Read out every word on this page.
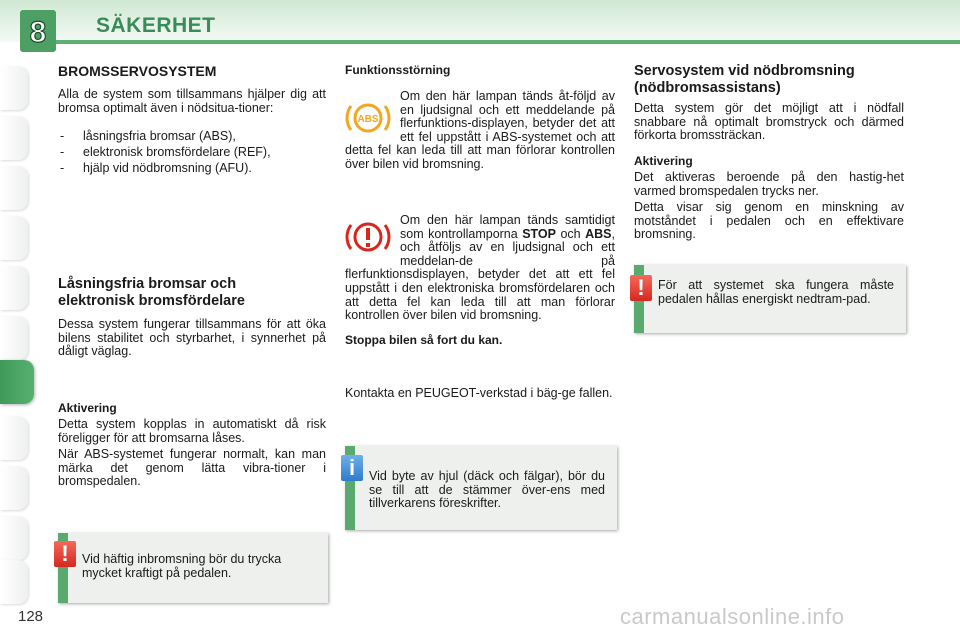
8 SÄKERHET
BROMSSERVOSYSTEM
Alla de system som tillsammans hjälper dig att bromsa optimalt även i nödsitua-tioner:
- låsningsfria bromsar (ABS),
- elektronisk bromsfördelare (REF),
- hjälp vid nödbromsning (AFU).
Låsningsfria bromsar och
elektronisk bromsfördelare
Dessa system fungerar tillsammans för att öka bilens stabilitet och styrbarhet, i synnerhet på dåligt väglag.
Aktivering
Detta system kopplas in automatiskt då risk föreligger för att bromsarna låses.
När ABS-systemet fungerar normalt, kan man märka det genom lätta vibra-tioner i bromspedalen.
Vid häftig inbromsning bör du trycka mycket kraftigt på pedalen.
!
Funktionsstörning
ABS
Om den här lampan tänds åt-följd av en ljudsignal och ett meddelande på flerfunktions-displayen, betyder det att ett fel uppstått i ABS-systemet och att detta fel kan leda till att man förlorar kontrollen över bilen vid bromsning.
Om den här lampan tänds samtidigt som kontrollamporna STOP och ABS, och åtföljs av en ljudsignal och ett meddelan-de på flerfunktionsdisplayen, betyder det att ett fel uppstått i den elektroniska bromsfördelaren och att detta fel kan leda till att man förlorar kontrollen över bilen vid bromsning.
Stoppa bilen så fort du kan.
Kontakta en PEUGEOT-verkstad i bäg-ge fallen.
Vid byte av hjul (däck och fälgar), bör du se till att de stämmer över-ens med tillverkarens föreskrifter.
i
Servosystem vid nödbromsning
(nödbromsassistans)
Detta system gör det möjligt att i nödfall snabbare nå optimalt bromstryck och därmed förkorta bromssträckan.
Aktivering
Det aktiveras beroende på den hastig-het varmed bromspedalen trycks ner.
Detta visar sig genom en minskning av motståndet i pedalen och en effektivare bromsning.
För att systemet ska fungera måste pedalen hållas energiskt nedtram-pad.
!
128	carmanualsonline.info
